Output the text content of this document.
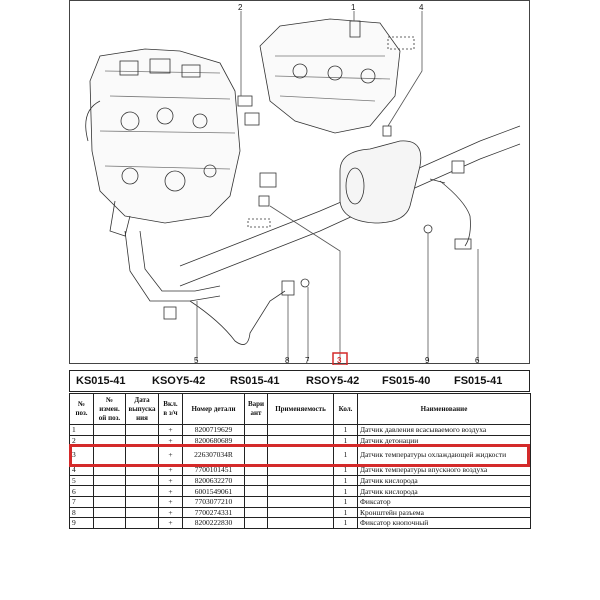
2	1	4
5	8 7	3	9	6
KS015-41	KSOY5-42	RS015-41	RSOY5-42	FS015-40	FS015-41
№ поз.	№ измен. ой поз.	Дата выпуска ния	Вкл. в з/ч	Номер детали	Вари ант	Применяемость	Кол.	Наименование
1			+	8200719629			1	Датчик давления всасываемого воздуха
2			+	8200680689			1	Датчик детонации
3			+	226307034R			1	Датчик температуры охлаждающей жидкости
4			+	7700101451			1	Датчик температуры впускного воздуха
5			+	8200632270			1	Датчик кислорода
6			+	6001549061			1	Датчик кислорода
7			+	7703077210			1	Фиксатор
8			+	7700274331			1	Кронштейн разъема
9			+	8200222830			1	Фиксатор кнопочный
